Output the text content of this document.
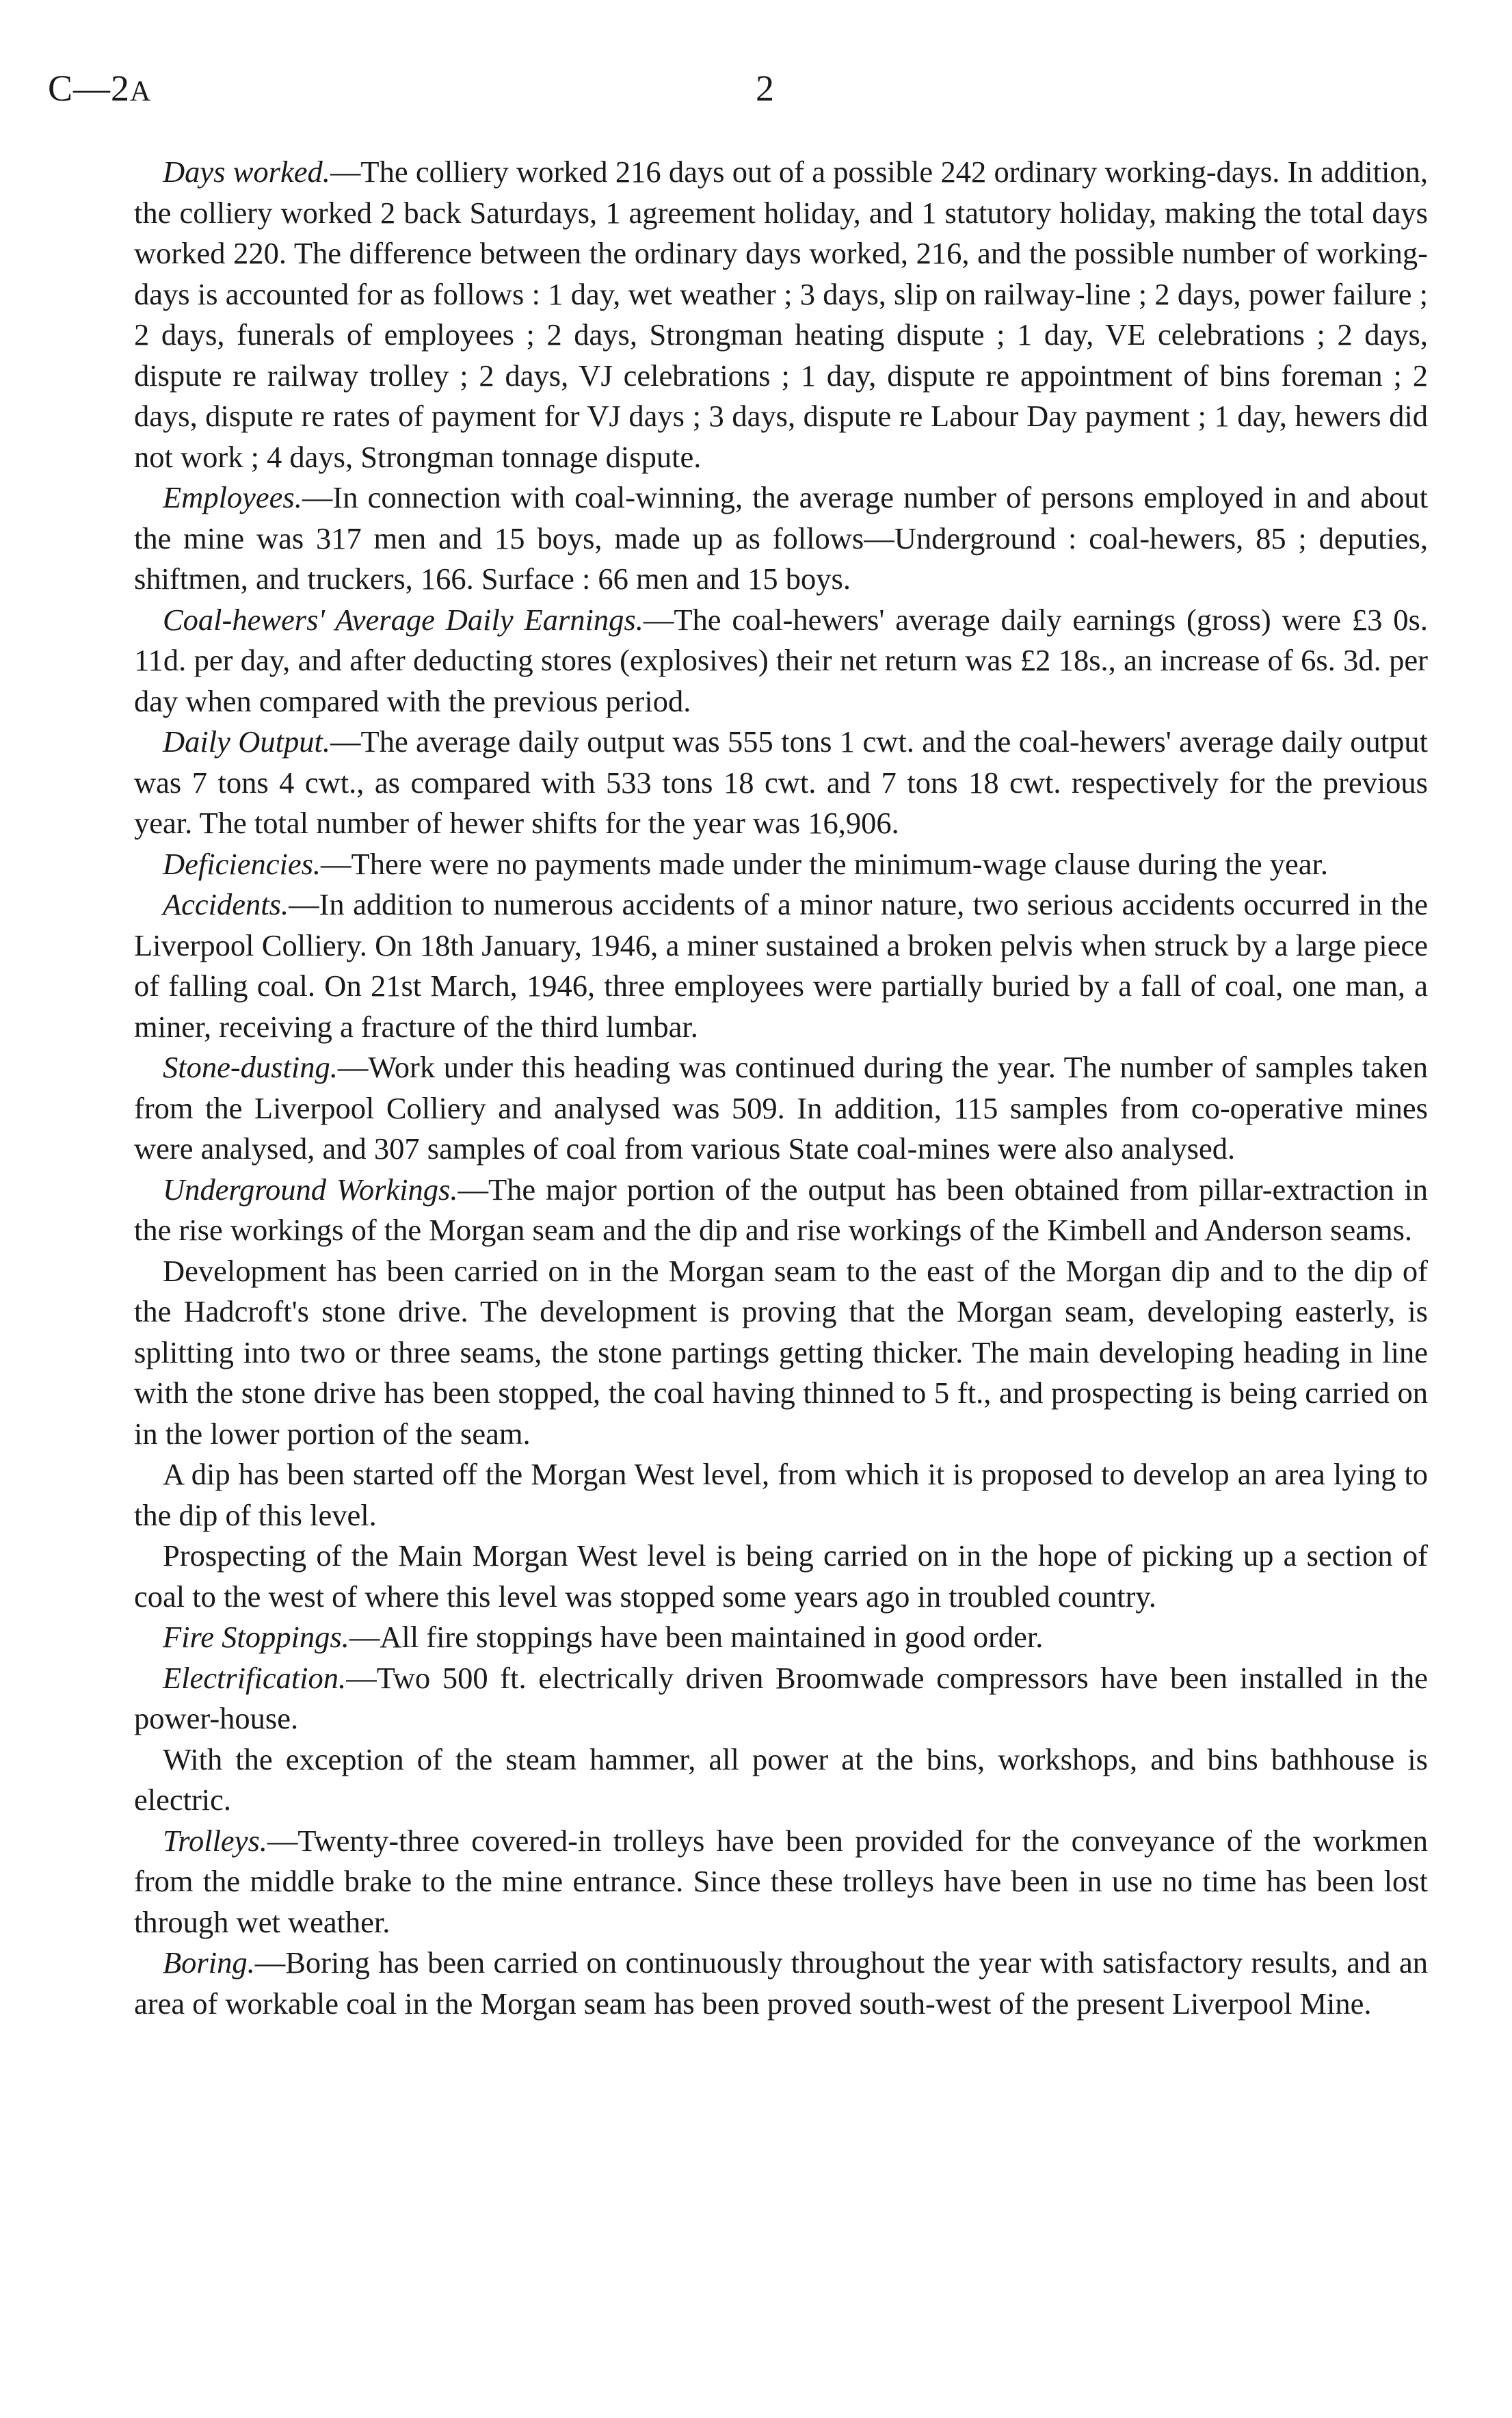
C—2A	2

Days worked.—The colliery worked 216 days out of a possible 242 ordinary working-days. In addition, the colliery worked 2 back Saturdays, 1 agreement holiday, and 1 statutory holiday, making the total days worked 220. The difference between the ordinary days worked, 216, and the possible number of working-days is accounted for as follows : 1 day, wet weather ; 3 days, slip on railway-line ; 2 days, power failure ; 2 days, funerals of employees ; 2 days, Strongman heating dispute ; 1 day, VE celebrations ; 2 days, dispute re railway trolley ; 2 days, VJ celebrations ; 1 day, dispute re appointment of bins foreman ; 2 days, dispute re rates of payment for VJ days ; 3 days, dispute re Labour Day payment ; 1 day, hewers did not work ; 4 days, Strongman tonnage dispute.

Employees.—In connection with coal-winning, the average number of persons employed in and about the mine was 317 men and 15 boys, made up as follows—Underground : coal-hewers, 85 ; deputies, shiftmen, and truckers, 166. Surface : 66 men and 15 boys.

Coal-hewers' Average Daily Earnings.—The coal-hewers' average daily earnings (gross) were £3 0s. 11d. per day, and after deducting stores (explosives) their net return was £2 18s., an increase of 6s. 3d. per day when compared with the previous period.

Daily Output.—The average daily output was 555 tons 1 cwt. and the coal-hewers' average daily output was 7 tons 4 cwt., as compared with 533 tons 18 cwt. and 7 tons 18 cwt. respectively for the previous year. The total number of hewer shifts for the year was 16,906.

Deficiencies.—There were no payments made under the minimum-wage clause during the year.

Accidents.—In addition to numerous accidents of a minor nature, two serious accidents occurred in the Liverpool Colliery. On 18th January, 1946, a miner sustained a broken pelvis when struck by a large piece of falling coal. On 21st March, 1946, three employees were partially buried by a fall of coal, one man, a miner, receiving a fracture of the third lumbar.

Stone-dusting.—Work under this heading was continued during the year. The number of samples taken from the Liverpool Colliery and analysed was 509. In addition, 115 samples from co-operative mines were analysed, and 307 samples of coal from various State coal-mines were also analysed.

Underground Workings.—The major portion of the output has been obtained from pillar-extraction in the rise workings of the Morgan seam and the dip and rise workings of the Kimbell and Anderson seams.

Development has been carried on in the Morgan seam to the east of the Morgan dip and to the dip of the Hadcroft's stone drive. The development is proving that the Morgan seam, developing easterly, is splitting into two or three seams, the stone partings getting thicker. The main developing heading in line with the stone drive has been stopped, the coal having thinned to 5 ft., and prospecting is being carried on in the lower portion of the seam.

A dip has been started off the Morgan West level, from which it is proposed to develop an area lying to the dip of this level.

Prospecting of the Main Morgan West level is being carried on in the hope of picking up a section of coal to the west of where this level was stopped some years ago in troubled country.

Fire Stoppings.—All fire stoppings have been maintained in good order.

Electrification.—Two 500 ft. electrically driven Broomwade compressors have been installed in the power-house.

With the exception of the steam hammer, all power at the bins, workshops, and bins bathhouse is electric.

Trolleys.—Twenty-three covered-in trolleys have been provided for the conveyance of the workmen from the middle brake to the mine entrance. Since these trolleys have been in use no time has been lost through wet weather.

Boring.—Boring has been carried on continuously throughout the year with satisfactory results, and an area of workable coal in the Morgan seam has been proved south-west of the present Liverpool Mine.
